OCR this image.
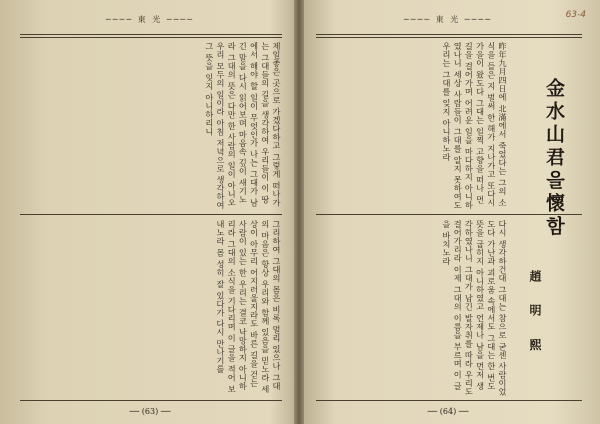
──── 東 光 ────
제일좋은 곳으로 가겠다하고 그렇게 떠나가는 그대들의 길을 생각하여 우리들이 이 땅에서 해야 할 일이 무엇인가 나는 그대가 남긴 말을 다시 읽어보며 마음속 깊이 새기노라 그대의 뜻은 다만 한 사람의 일이 아니오 우리 모두의 일이라 아침 저녁으로 생각하여 그 뜻을 잊지 아니하리니
그리하여 그대의 몸은 비록 멀리 있으나 그대의 마음은 항상 우리와 함께 있음을 믿노라 세상이 아무리 어지러울지라도 바른 길을 걷는 사람이 있는 한 우리는 결코 낙망하지 아니하리라 그대의 소식을 기다리며 이 글을 적어 보내노라 몸 성히 잘 있다가 다시 만나기를
── (63) ──
──── 東 光 ────	63-4
金水山君을懷함
趙 明 熙
昨年九月四日에 北滿에서 죽었다는 그의 소식을 들은 지 벌써 한 해가 지나가고 또다시 가을이 왔도다 그대는 일찍 고향을 떠나 먼 길을 걸어가며 어려운 일을 마다하지 아니하였나니 세상 사람들이 그대를 알지 못하여도 우리는 그대를 잊지 아니하노라
다시 생각하건대 그대는 참으로 굳센 사람이었도다 가난과 괴로움 속에서도 그대는 한 번도 뜻을 굽히지 아니하였고 언제나 남을 먼저 생각하였나니 그대가 남긴 발자취를 따라 우리도 걸어가리라 이제 그대의 이름을 부르며 이 글을 바치노라
── (64) ──
